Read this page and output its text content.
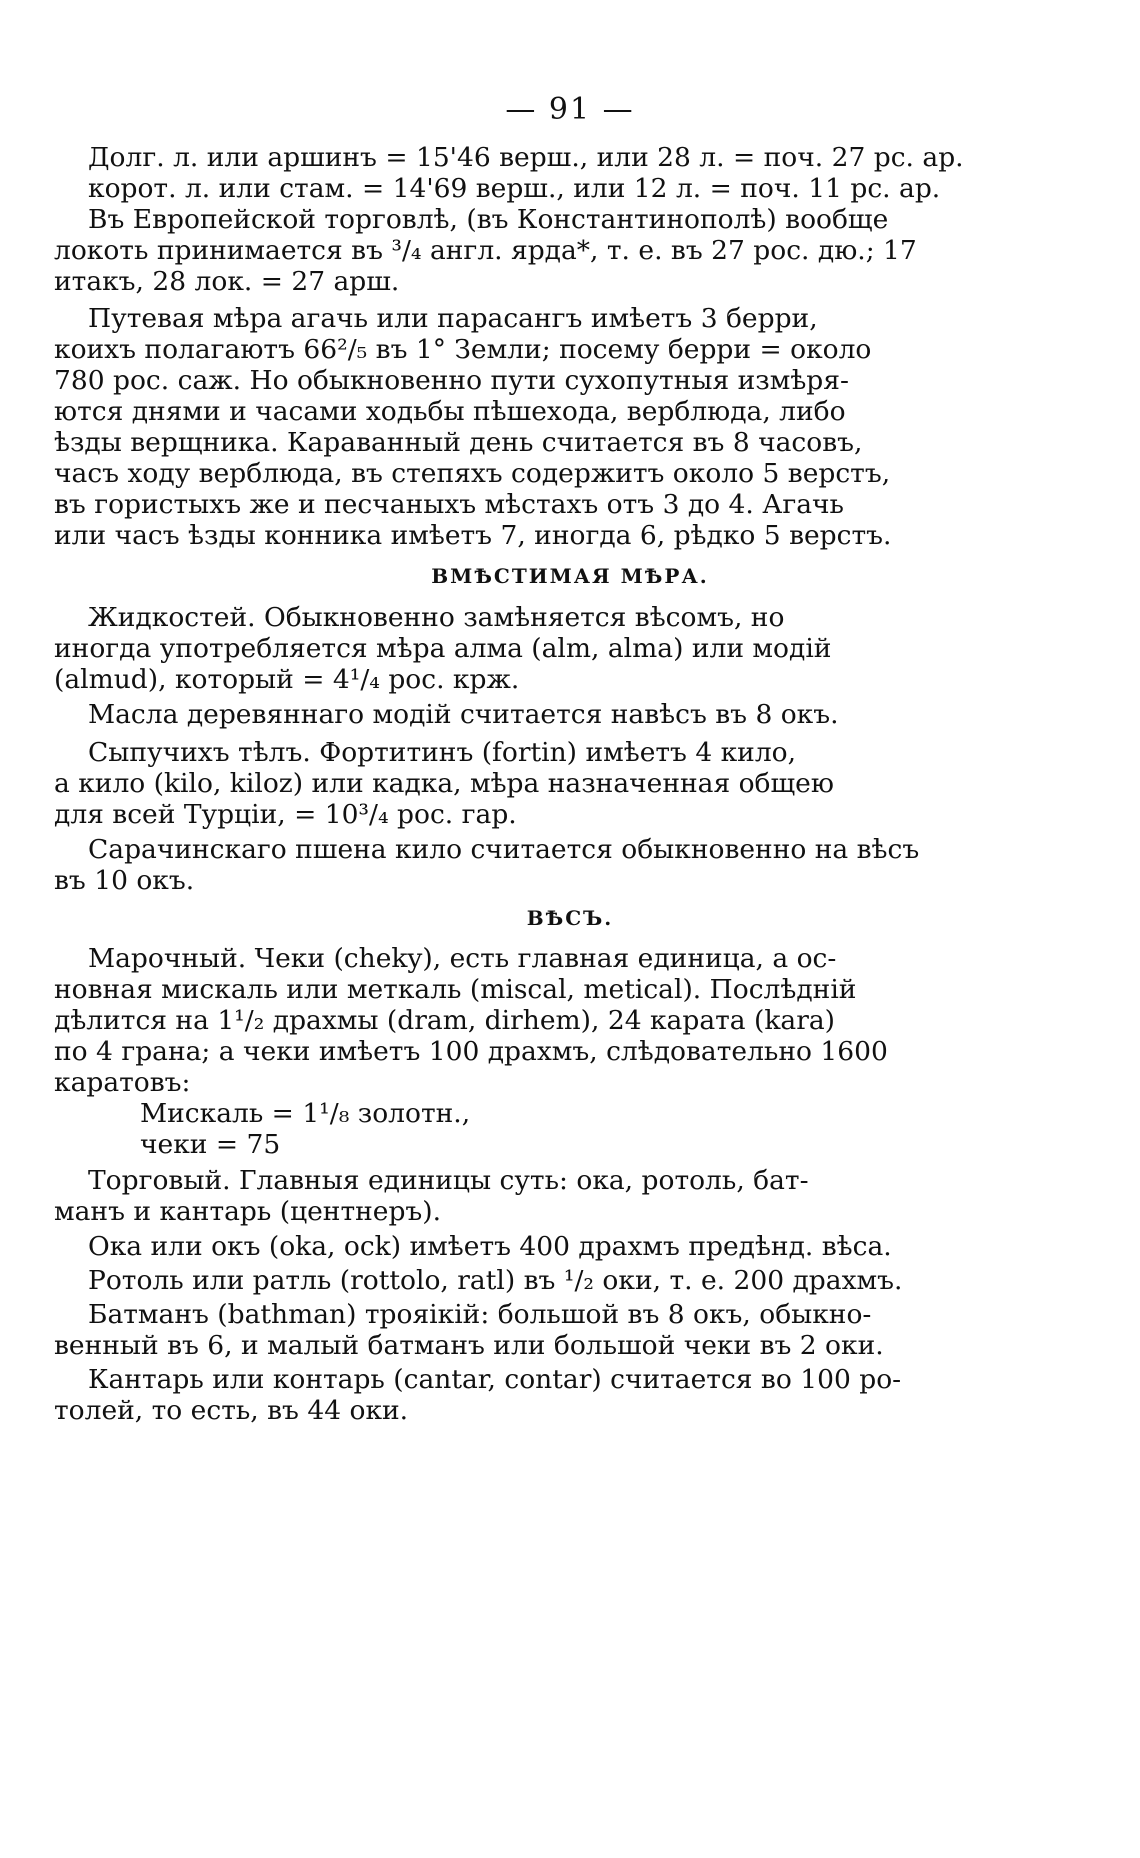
— 91 —
Долг. л. или аршинъ = 15'46 верш., или 28 л. = поч. 27 рс. ар.
корот. л. или стам. = 14'69 верш., или 12 л. = поч. 11 рс. ар.
Въ Европейской торговлѣ, (въ Константинополѣ) вообще
локоть принимается въ ³/₄ англ. ярда*, т. е. въ 27 рос. дю.; 17
итакъ, 28 лок. = 27 арш.
Путевая мѣра агачь или парасангъ имѣетъ 3 берри,
коихъ полагаютъ 66²/₅ въ 1° Земли; посему берри = около
780 рос. саж. Но обыкновенно пути сухопутныя измѣря-
ются днями и часами ходьбы пѣшехода, верблюда, либо
ѣзды верщника. Караванный день считается въ 8 часовъ,
часъ ходу верблюда, въ степяхъ содержитъ около 5 верстъ,
въ гористыхъ же и песчаныхъ мѣстахъ отъ 3 до 4. Агачь
или часъ ѣзды конника имѣетъ 7, иногда 6, рѣдко 5 верстъ.
ВМѢСТИМАЯ МѢРА.
Жидкостей. Обыкновенно замѣняется вѣсомъ, но
иногда употребляется мѣра алма (alm, alma) или модій
(almud), который = 4¹/₄ рос. крж.
Масла деревяннаго модій считается навѣсъ въ 8 окъ.
Сыпучихъ тѣлъ. Фортитинъ (fortin) имѣетъ 4 кило,
а кило (kilo, kiloz) или кадка, мѣра назначенная общею
для всей Турціи, = 10³/₄ рос. гар.
Сарачинскаго пшена кило считается обыкновенно на вѣсъ
въ 10 окъ.
ВѢСЪ.
Марочный. Чеки (cheky), есть главная единица, а ос-
новная мискаль или меткаль (miscal, metical). Послѣдній
дѣлится на 1¹/₂ драхмы (dram, dirhem), 24 карата (kara)
по 4 грана; а чеки имѣетъ 100 драхмъ, слѣдовательно 1600
каратовъ:
Мискаль = 1¹/₈ золотн.,
чеки = 75
Торговый. Главныя единицы суть: ока, ротоль, бат-
манъ и кантарь (центнеръ).
Ока или окъ (oka, ock) имѣетъ 400 драхмъ предѣнд. вѣса.
Ротоль или ратль (rottolo, ratl) въ ¹/₂ оки, т. е. 200 драхмъ.
Батманъ (bathman) трояікій: большой въ 8 окъ, обыкно-
венный въ 6, и малый батманъ или большой чеки въ 2 оки.
Кантарь или контарь (cantar, contar) считается во 100 ро-
толей, то есть, въ 44 оки.
